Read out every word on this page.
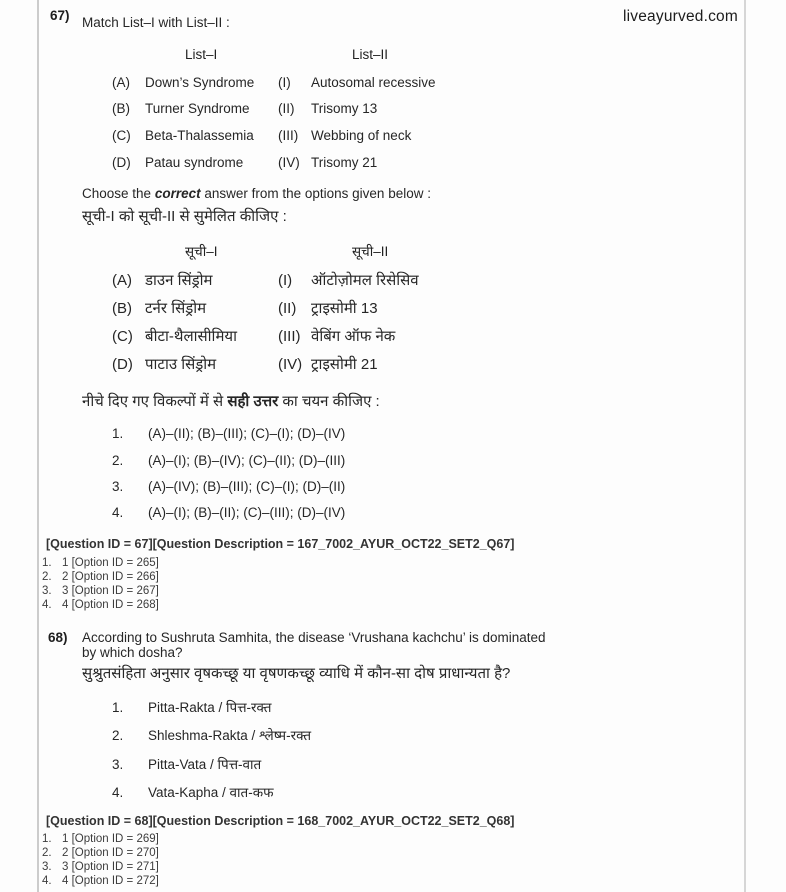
liveayurved.com
67) Match List–I with List–II :
List–I	List–II
(A) Down’s Syndrome (I) Autosomal recessive
(B) Turner Syndrome (II) Trisomy 13
(C) Beta-Thalassemia (III) Webbing of neck
(D) Patau syndrome	(IV) Trisomy 21
Choose the correct answer from the options given below :
सूची-I को सूची-II से सुमेलित कीजिए :
सूची–I	सूची–II
(A) डाउन सिंड्रोम	(I) ऑटोज़ोमल रिसेसिव
(B) टर्नर सिंड्रोम	(II) ट्राइसोमी 13
(C) बीटा-थैलासीमिया	(III) वेबिंग ऑफ नेक
(D) पाटाउ सिंड्रोम	(IV) ट्राइसोमी 21
नीचे दिए गए विकल्पों में से सही उत्तर का चयन कीजिए :
1. (A)–(II); (B)–(III); (C)–(I); (D)–(IV)
2. (A)–(I); (B)–(IV); (C)–(II); (D)–(III)
3. (A)–(IV); (B)–(III); (C)–(I); (D)–(II)
4. (A)–(I); (B)–(II); (C)–(III); (D)–(IV)
[Question ID = 67][Question Description = 167_7002_AYUR_OCT22_SET2_Q67]
1. 1 [Option ID = 265]
2. 2 [Option ID = 266]
3. 3 [Option ID = 267]
4. 4 [Option ID = 268]
68) According to Sushruta Samhita, the disease ‘Vrushana kachchu’ is dominated
by which dosha?
सुश्रुतसंहिता अनुसार वृषकच्छू या वृषणकच्छू व्याधि में कौन-सा दोष प्राधान्यता है?
1. Pitta-Rakta / पित्त-रक्त
2. Shleshma-Rakta / श्लेष्म-रक्त
3. Pitta-Vata / पित्त-वात
4. Vata-Kapha / वात-कफ
[Question ID = 68][Question Description = 168_7002_AYUR_OCT22_SET2_Q68]
1. 1 [Option ID = 269]
2. 2 [Option ID = 270]
3. 3 [Option ID = 271]
4. 4 [Option ID = 272]
